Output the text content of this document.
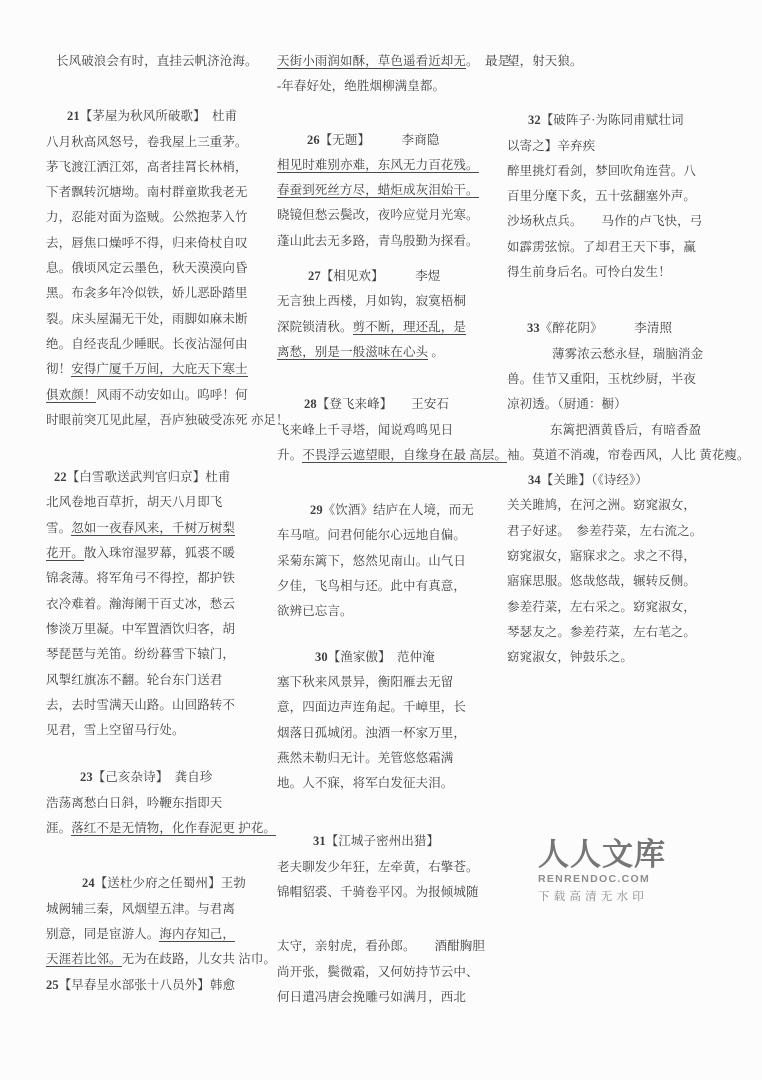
长风破浪会有时，直挂云帆济沧海。
21【茅屋为秋风所破歌】　杜甫
八月秋高风怒号，卷我屋上三重茅。
茅飞渡江洒江郊，高者挂罥长林梢，
下者飘转沉塘坳。南村群童欺我老无
力，忍能对面为盗贼。公然抱茅入竹
去，唇焦口燥呼不得，归来倚杖自叹
息。俄顷风定云墨色，秋天漠漠向昏
黑。布衾多年冷似铁，娇儿恶卧踏里
裂。床头屋漏无干处，雨脚如麻未断
绝。自经丧乱少睡眠。长夜沾湿何由
彻！安得广厦千万间，大庇天下寒士
俱欢颜！风雨不动安如山。呜呼！何
时眼前突兀见此屋，吾庐独破受冻死 亦足！
22【白雪歌送武判官归京】杜甫
北风卷地百草折，胡天八月即飞
雪。忽如一夜春风来，千树万树梨
花开。散入珠帘湿罗幕，狐裘不暖
锦衾薄。将军角弓不得控，都护铁
衣冷难着。瀚海阑干百丈冰，愁云
惨淡万里凝。中军置酒饮归客，胡
琴琵琶与羌笛。纷纷暮雪下辕门，
风掣红旗冻不翻。轮台东门送君
去，去时雪满天山路。山回路转不
见君，雪上空留马行处。
23【己亥杂诗】　龚自珍
浩荡离愁白日斜，吟鞭东指即天
涯。落红不是无情物，化作春泥更 护花。
24【送杜少府之任蜀州】王勃
城阙辅三秦，风烟望五津。与君离
别意，同是宦游人。海内存知己，
天涯若比邻。无为在歧路，儿女共 沾巾。
25【早春呈水部张十八员外】韩愈
天街小雨润如酥，草色遥看近却无。　最是-
-年春好处，绝胜烟柳满皇都。
26【无题】　　　李商隐
相见时难别亦难，东风无力百花残。
春蚕到死丝方尽，蜡炬成灰泪始干。
晓镜但愁云鬓改，夜吟应觉月光寒。
蓬山此去无多路，青鸟殷勤为探看。
27【相见欢】　　　李煜
无言独上西楼，月如钩，寂寞梧桐
深院锁清秋。剪不断，理还乱，是
离愁，别是一般滋味在心头 。
28【登飞来峰】　　王安石
飞来峰上千寻塔，闻说鸡鸣见日
升。不畏浮云遮望眼，自缘身在最 高层。
29《饮酒》结庐在人境，而无
车马喧。问君何能尔心远地自偏。
采菊东篱下，悠然见南山。山气日
夕佳，飞鸟相与还。此中有真意，
欲辨已忘言。
30【渔家傲】　范仲淹
塞下秋来风景异，衡阳雁去无留
意，四面边声连角起。千嶂里，长
烟落日孤城闭。浊酒一杯家万里，
燕然未勒归无计。羌管悠悠霜满
地。人不寐，将军白发征夫泪。
31【江城子密州出猎】
老夫聊发少年狂，左牵黄，右擎苍。
锦帽貂裘、千骑卷平冈。为报倾城随
太守，亲射虎，看孙郎。　　酒酣胸胆
尚开张，鬓微霜，又何妨持节云中、
何日遣冯唐会挽雕弓如满月，西北
望，射天狼。
32【破阵子·为陈同甫赋壮词
以寄之】辛弃疾
醉里挑灯看剑，梦回吹角连营。八
百里分麾下炙，五十弦翻塞外声。
沙场秋点兵。　　马作的卢飞快，弓
如霹雳弦惊。了却君王天下事，赢
得生前身后名。可怜白发生！
33《醉花阴》　　　李清照
薄雾浓云愁永昼，瑞脑消金
兽。佳节又重阳，玉枕纱厨，半夜
凉初透。（厨通：橱）
东篱把酒黄昏后，有暗香盈
袖。莫道不消魂，帘卷西风，人比 黄花瘦。
34【关雎】（《诗经》）
关关雎鸠，在河之洲。窈窕淑女，
君子好逑。　参差荇菜，左右流之。
窈窕淑女，寤寐求之。求之不得，
寤寐思服。悠哉悠哉，辗转反侧。
参差荇菜，左右采之。窈窕淑女，
琴瑟友之。参差荇菜，左右芼之。
窈窕淑女，钟鼓乐之。
人人文库
RENRENDOC.COM
下载高清无水印
